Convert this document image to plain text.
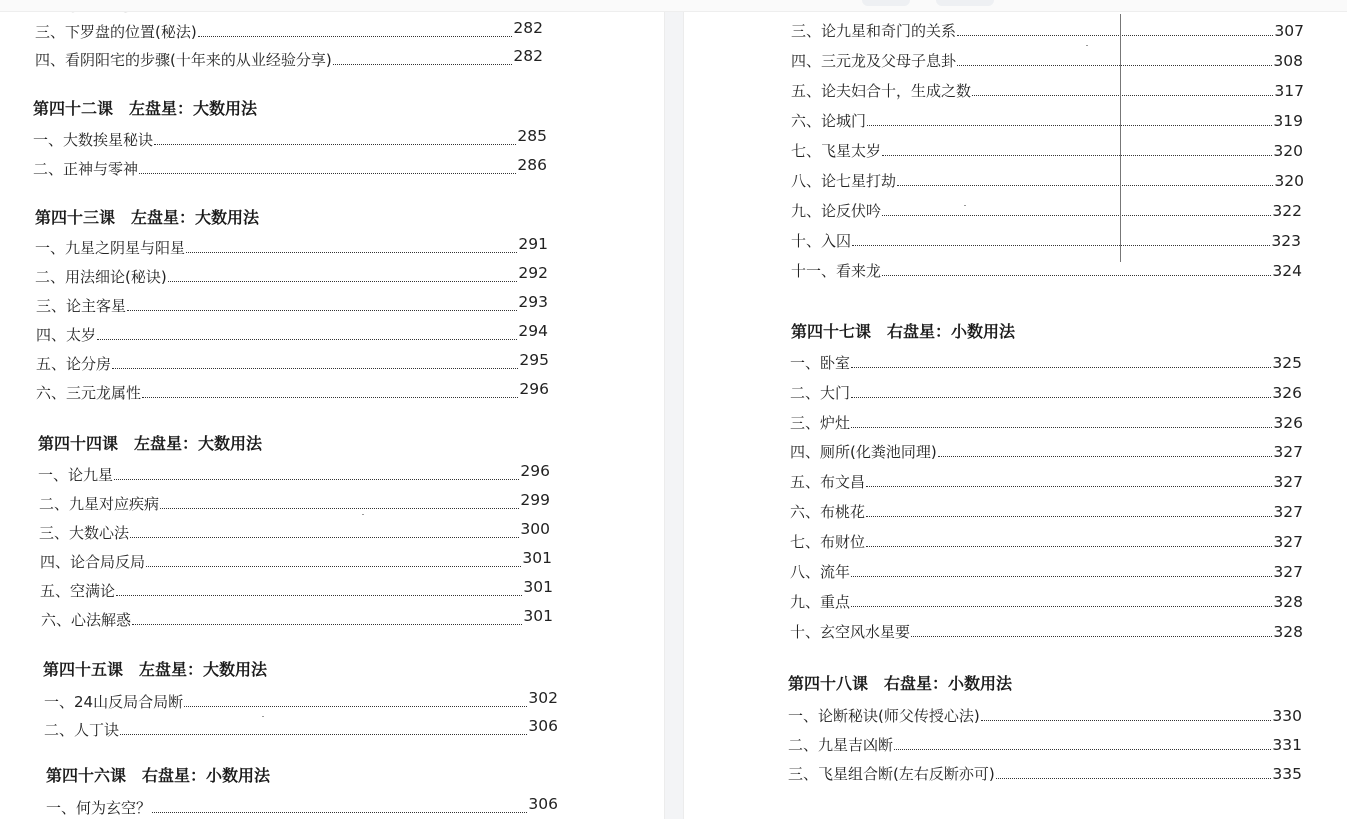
三、下罗盘的位置(秘法)	282
四、看阴阳宅的步骤(十年来的从业经验分享)	282
第四十二课 左盘星：大数用法
一、大数挨星秘诀	285
二、正神与零神	286
第四十三课 左盘星：大数用法
一、九星之阴星与阳星	291
二、用法细论(秘诀)	292
三、论主客星	293
四、太岁	294
五、论分房	295
六、三元龙属性	296
第四十四课 左盘星：大数用法
一、论九星	296
二、九星对应疾病	299
三、大数心法	300
四、论合局反局	301
五、空满论	301
六、心法解惑	301
第四十五课 左盘星：大数用法
一、24山反局合局断	302
二、人丁诀	306
第四十六课 右盘星：小数用法
一、何为玄空？	306
三、论九星和奇门的关系	307
四、三元龙及父母子息卦	308
五、论夫妇合十，生成之数	317
六、论城门	319
七、飞星太岁	320
八、论七星打劫	320
九、论反伏吟	322
十、入囚	323
十一、看来龙	324
第四十七课 右盘星：小数用法
一、卧室	325
二、大门	326
三、炉灶	326
四、厕所(化粪池同理)	327
五、布文昌	327
六、布桃花	327
七、布财位	327
八、流年	327
九、重点	328
十、玄空风水星要	328
第四十八课 右盘星：小数用法
一、论断秘诀(师父传授心法)	330
二、九星吉凶断	331
三、飞星组合断(左右反断亦可)	335
